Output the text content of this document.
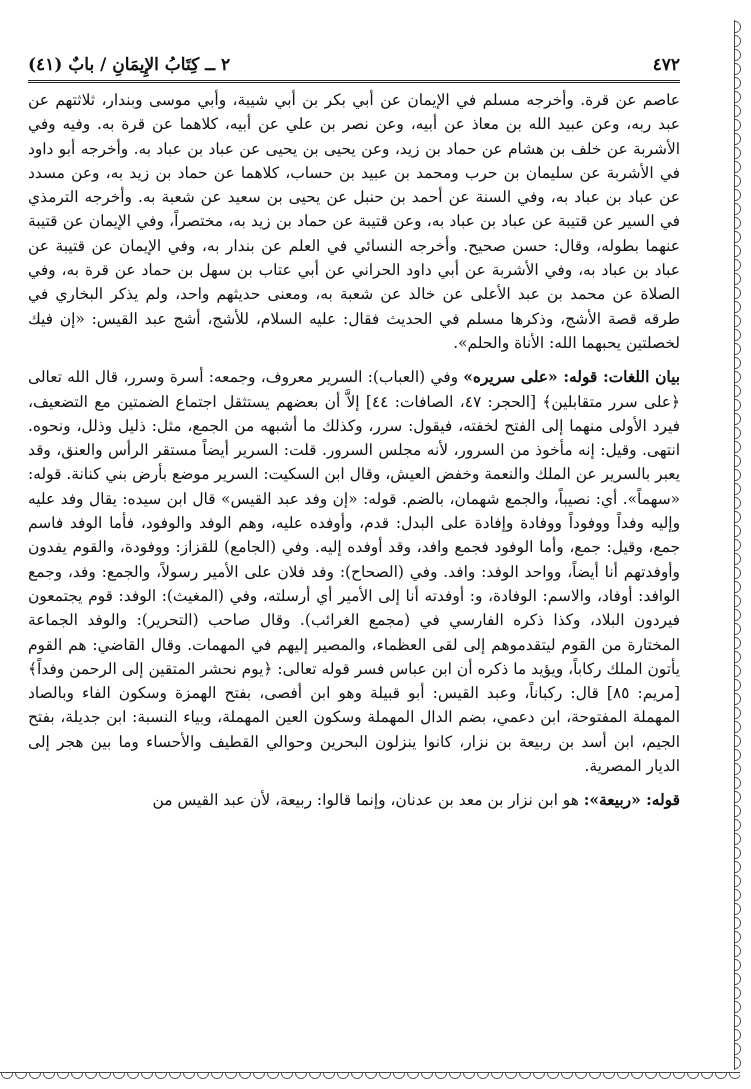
٤٧٢
٢ ــ كِتَابُ الإِيمَانِ / بابٌ (٤١)

عاصم عن قرة. وأخرجه مسلم في الإيمان عن أبي بكر بن أبي شيبة، وأبي موسى وبندار، ثلاثتهم عن عبد ربه، وعن عبيد الله بن معاذ عن أبيه، وعن نصر بن علي عن أبيه، كلاهما عن قرة به. وفيه وفي الأشربة عن خلف بن هشام عن حماد بن زيد، وعن يحيى بن يحيى عن عباد بن عباد به. وأخرجه أبو داود في الأشربة عن سليمان بن حرب ومحمد بن عبيد بن حساب، كلاهما عن حماد بن زيد به، وعن مسدد عن عباد بن عباد به، وفي السنة عن أحمد بن حنبل عن يحيى بن سعيد عن شعبة به. وأخرجه الترمذي في السير عن قتيبة عن عباد بن عباد به، وعن قتيبة عن حماد بن زيد به، مختصراً، وفي الإيمان عن قتيبة عنهما بطوله، وقال: حسن صحيح. وأخرجه النسائي في العلم عن بندار به، وفي الإيمان عن قتيبة عن عباد بن عباد به، وفي الأشربة عن أبي داود الحراني عن أبي عتاب بن سهل بن حماد عن قرة به، وفي الصلاة عن محمد بن عبد الأعلى عن خالد عن شعبة به، ومعنى حديثهم واحد، ولم يذكر البخاري في طرقه قصة الأشج، وذكرها مسلم في الحديث فقال: عليه السلام، للأشج، أشج عبد القيس: «إن فيك لخصلتين يحبهما الله: الأناة والحلم».

بيان اللغات: قوله: «على سريره» وفي (العباب): السرير معروف، وجمعه: أسرة وسرر، قال الله تعالى ﴿على سرر متقابلين﴾ [الحجر: ٤٧، الصافات: ٤٤] إلاَّ أن بعضهم يستثقل اجتماع الضمتين مع التضعيف، فيرد الأولى منهما إلى الفتح لخفته، فيقول: سرر، وكذلك ما أشبهه من الجمع، مثل: ذليل وذلل، ونحوه. انتهى. وقيل: إنه مأخوذ من السرور، لأنه مجلس السرور. قلت: السرير أيضاً مستقر الرأس والعنق، وقد يعبر بالسرير عن الملك والنعمة وخفض العيش، وقال ابن السكيت: السرير موضع بأرض بني كنانة. قوله: «سهماً». أي: نصيباً، والجمع شهمان، بالضم. قوله: «إن وفد عبد القيس» قال ابن سيده: يقال وفد عليه وإليه وفداً ووفوداً ووفادة وإفادة على البدل: قدم، وأوفده عليه، وهم الوفد والوفود، فأما الوفد فاسم جمع، وقيل: جمع، وأما الوفود فجمع وافد، وقد أوفده إليه. وفي (الجامع) للقزاز: ووفودة، والقوم يفدون وأوفدتهم أنا أيضاً، وواحد الوفد: وافد. وفي (الصحاح): وفد فلان على الأمير رسولاً، والجمع: وفد، وجمع الوافد: أوفاد، والاسم: الوفادة، و: أوفدته أنا إلى الأمير أي أرسلته، وفي (المغيث): الوفد: قوم يجتمعون فيردون البلاد، وكذا ذكره الفارسي في (مجمع الغرائب). وقال صاحب (التحرير): والوفد الجماعة المختارة من القوم ليتقدموهم إلى لقى العظماء، والمصير إليهم في المهمات. وقال القاضي: هم القوم يأتون الملك ركاباً، ويؤيد ما ذكره أن ابن عباس فسر قوله تعالى: ﴿يوم نحشر المتقين إلى الرحمن وفداً﴾ [مريم: ٨٥] قال: ركباناً، وعبد القيس: أبو قبيلة وهو ابن أفصى، بفتح الهمزة وسكون الفاء وبالصاد المهملة المفتوحة، ابن دعمي، بضم الدال المهملة وسكون العين المهملة، وبياء النسبة: ابن جديلة، بفتح الجيم، ابن أسد بن ربيعة بن نزار، كانوا ينزلون البحرين وحوالي القطيف والأحساء وما بين هجر إلى الديار المصرية.

قوله: «ربيعة»: هو ابن نزار بن معد بن عدنان، وإنما قالوا: ربيعة، لأن عبد القيس من
